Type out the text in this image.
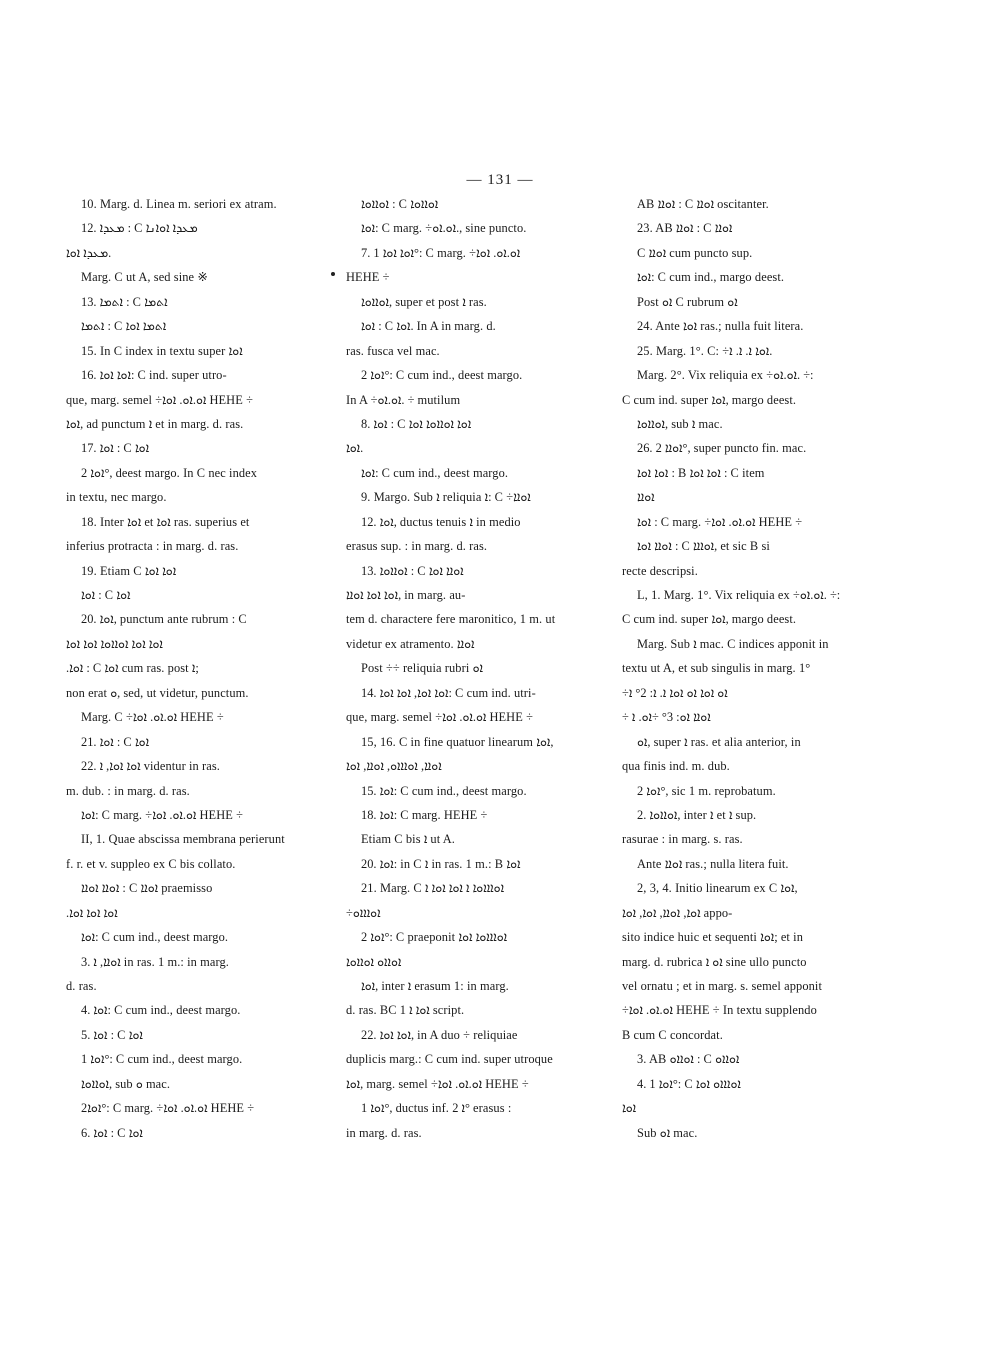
— 131 —
10. Marg. d. Linea m. seriori ex atram.
12. ܡܥܕܐ : C ܡܥܕܐ ܐܘܐܢܐ
ܡܥܕܐ ܐܘܐ.
Marg. C ut A, sed sine ※
13. ܐܬܡܐ : C ܐܬܡܐ
ܐܬܡܐ : C ܐܬܡܐ ܐܘܐ
15. In C index in textu super ܐܘܐ
16. ܐܘܐ ܐܘܐ: C ind. super utro-
que, marg. semel ÷ܐܘ.ܐܘ. ܐܘܐ HEHE ÷
ܐܘܐ, ad punctum ܐ et in marg. d. ras.
17. ܐܘܐ : C ܐܘܐ
ܐܘܐ 2°, deest margo. In C nec index
in textu, nec margo.
18. Inter ܐܘܐ et ܐܘܐ ras. superius et
inferius protracta : in marg. d. ras.
19. Etiam C ܐܘܐ ܐܘܐ
ܐܘܐ : C ܐܘܐ
20. ܐܘܐ, punctum ante rubrum : C
ܐܘܐ ܐܘܐ ܐܘܐܐܘܐ ܐܘܐ ܐܘܐ
.ܐܘܐ : C ܐܘܐ cum ras. post ܐ;
non erat ܘ, sed, ut videtur, punctum.
Marg. C ÷ܐܘ.ܐܘ. ܐܘܐ HEHE ÷
21. ܐܘܐ : C ܐܘܐ
22. ܐܘܐ ܐܘܐ, ܐ videntur in ras.
m. dub. : in marg. d. ras.
ܐܘܐ: C marg. ÷ܐܘ.ܐܘ. ܐܘܐ HEHE ÷
II, 1. Quae abscissa membrana perierunt
f. r. et v. suppleo ex C bis collato.
ܐܘܐܐ ܐܘܐܐ : C ܐܘܐܐ praemisso
.ܐܘܐ ܐܘܐ ܐܘܐ
ܐܘܐ: C cum ind., deest margo.
3. ܐܘܐܐ, ܐ in ras. 1 m.: in marg.
d. ras.
4. ܐܘܐ: C cum ind., deest margo.
5. ܐܘܐ : C ܐܘܐ
ܐܘܐ 1°: C cum ind., deest margo.
ܐܘܐܐܘܐ, sub ܘ mac.
ܐܘܐ2°: C marg. ÷ܐܘ.ܐܘ. ܐܘܐ HEHE ÷
6. ܐܘܐ : C ܐܘܐ
ܐܘܐܐܘܐ : C ܐܘܐܐܘܐ
ܐܘܐ: C marg. ÷ܐܘ.ܐܘ., sine puncto.
7. ܐܘܐ ܐܘܐ 1°: C marg. ÷ܐܘ.ܐܘ. ܐܘܐ
HEHE ÷
ܐܘܐܐܘܐ, super et post ܐ ras.
ܐܘܐ : C ܐܘܐ. In A in marg. d.
ras. fusca vel mac.
ܐܘܐ 2°: C cum ind., deest margo.
In A ÷ܐܘ.ܐܘ. ÷ mutilum
8. ܐܘܐ : C ܐܘܐ ܐܘܐܐܘܐ ܐܘܐ
ܐܘܐ.
ܐܘܐ: C cum ind., deest margo.
9. Margo. Sub ܐ reliquia ܐ: C ÷ܐܘܐܐ
12. ܐܘܐ, ductus tenuis ܐ in medio
erasus sup. : in marg. d. ras.
13. ܐܘܐܐܘܐ : C ܐܘܐܐ ܐܘܐ
ܐܘܐ ܐܘܐ ܐܘܐܐ, in marg. au-
tem d. charactere fere maronitico, 1 m. ut
videtur ex atramento. ܐܘܐܐ
Post ÷÷ reliquia rubri ܐܘ
14. ܐܘܐ ܐܘܐ, ܐܘܐ ܐܘܐ: C cum ind. utri-
que, marg. semel ÷ܐܘ.ܐܘ. ܐܘܐ HEHE ÷
15, 16. C in fine quatuor linearum ܐܘܐ,
ܐܘܐܐ, ܐܘܐܐܐܘ, ܐܘܐܐ, ܐܘܐ
15. ܐܘܐ: C cum ind., deest margo.
18. ܐܘܐ: C marg. HEHE ÷
Etiam C bis ܐ ut A.
20. ܐܘܐ: in C ܐ in ras. 1 m.: B ܐܘܐ
21. Marg. C ܐܘܐܐܐܘܐ ܐ ܐܘܐ ܐܘܐ ܐ
÷ܐܘܐܐܐܘ
ܐܘܐ 2°: C praeponit ܐܘܐܐܐܘܐ ܐܘܐ
ܐܘܐܐܘ ܐܘܐܐܘܐ
ܐܘܐ, inter ܐ erasum 1: in marg.
d. ras. BC ܐܘܐ ܐ 1 script.
22. ܐܘܐ ܐܘܐ, in A duo ÷ reliquiae
duplicis marg.: C cum ind. super utroque
ܐܘܐ, marg. semel ÷ܐܘ.ܐܘ. ܐܘܐ HEHE ÷
ܐܘܐ 1°, ductus inf. ܐ 2° erasus :
in marg. d. ras.
AB ܐܘܐܐ : C ܐܘܐܐ oscitanter.
23. AB ܐܘܐܐ : C ܐܘܐܐ
C ܐܘܐܐ cum puncto sup.
ܐܘܐ: C cum ind., margo deest.
Post ܐܘ C rubrum ܐܘ
24. Ante ܐܘܐ ras.; nulla fuit litera.
25. Marg. 1°. C: ÷ܐܘܐ ܐ. ܐ. ܐ.
Marg. 2°. Vix reliquia ex ÷ܐܘ.ܐܘ. ÷:
C cum ind. super ܐܘܐ, margo deest.
ܐܘܐܐܘܐ, sub ܐ mac.
26. ܐܘܐܐ 2°, super puncto fin. mac.
ܐܘܐ ܐܘܐ : B ܐܘܐ ܐܘܐ : C item
ܐܘܐܐ
ܐܘܐ : C marg. ÷ܐܘ.ܐܘ. ܐܘܐ HEHE ÷
ܐܘܐܐ ܐܘܐ : C ܐܘܐܐܐ, et sic B si
recte descripsi.
L, 1. Marg. 1°. Vix reliquia ex ÷ܐܘ.ܐܘ. ÷:
C cum ind. super ܐܘܐ, margo deest.
Marg. Sub ܐ mac. C indices apponit in
textu ut A, et sub singulis in marg. 1°
÷ܐܘ ܐܘܐ ܐܘ ܐܘܐ ܐ. ܐ: 2° ܐ
÷ ܐܘܐܐ ܐܘ: 3° ÷ܐܘ. ܐ
ܐܘ, super ܐ ras. et alia anterior, in
qua finis ind. m. dub.
ܐܘܐ 2°, sic 1 m. reprobatum.
2. ܐܘܐܐܘܐ, inter ܐ et ܐ sup.
rasurae : in marg. s. ras.
Ante ܐܘܐܐ ras.; nulla litera fuit.
2, 3, 4. Initio linearum ex C ܐܘܐ,
ܐܘܐ, ܐܘܐܐ, ܐܘܐ, ܐܘܐ appo-
sito indice huic et sequenti ܐܘܐ; et in
marg. d. rubrica ܐܘ ܐ sine ullo puncto
vel ornatu ; et in marg. s. semel apponit
÷ܐܘ.ܐܘ. ܐܘܐ HEHE ÷ In textu supplendo
B cum C concordat.
3. AB ܐܘܐܐܘ : C ܐܘܐܐܘ
4. ܐܘܐ 1°: C ܐܘܐܐܐܘ ܐܘܐ
ܐܘܐ
Sub ܐܘ mac.
